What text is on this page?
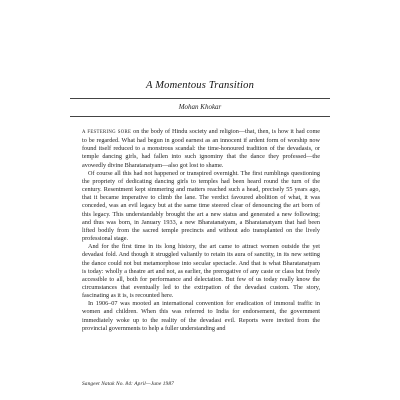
A Momentous Transition
Mohan Khokar

A FESTERING SORE on the body of Hindu society and religion—that, then, is how it had come to be regarded. What had begun in good earnest as an innocent if ardent form of worship now found itself reduced to a monstrous scandal: the time-honoured tradition of the devadasis, or temple dancing girls, had fallen into such ignominy that the dance they professed—the avowedly divine Bharatanatyam—also got lost to shame.

Of course all this had not happened or transpired overnight. The first rumblings questioning the propriety of dedicating dancing girls to temples had been heard round the turn of the century. Resentment kept simmering and matters reached such a head, precisely 55 years ago, that it became imperative to climb the lane. The verdict favoured abolition of what, it was conceded, was an evil legacy but at the same time steered clear of denouncing the art born of this legacy. This understandably brought the art a new status and generated a new following; and thus was born, in January 1933, a new Bharatanatyam, a Bharatanatyam that had been lifted bodily from the sacred temple precincts and without ado transplanted on the lively professional stage.

And for the first time in its long history, the art came to attract women outside the yet devadasi fold. And though it struggled valiantly to retain its aura of sanctity, in its new setting the dance could not but metamorphose into secular spectacle. And that is what Bharatanatyam is today: wholly a theatre art and not, as earlier, the prerogative of any caste or class but freely accessible to all, both for performance and delectation. But few of us today really know the circumstances that eventually led to the extirpation of the devadasi custom. The story, fascinating as it is, is recounted here.

In 1906–07 was mooted an international convention for eradication of immoral traffic in women and children. When this was referred to India for endorsement, the government immediately woke up to the reality of the devadasi evil. Reports were invited from the provincial governments to help a fuller understanding and

Sangeet Natak No. 84: April—June 1987
